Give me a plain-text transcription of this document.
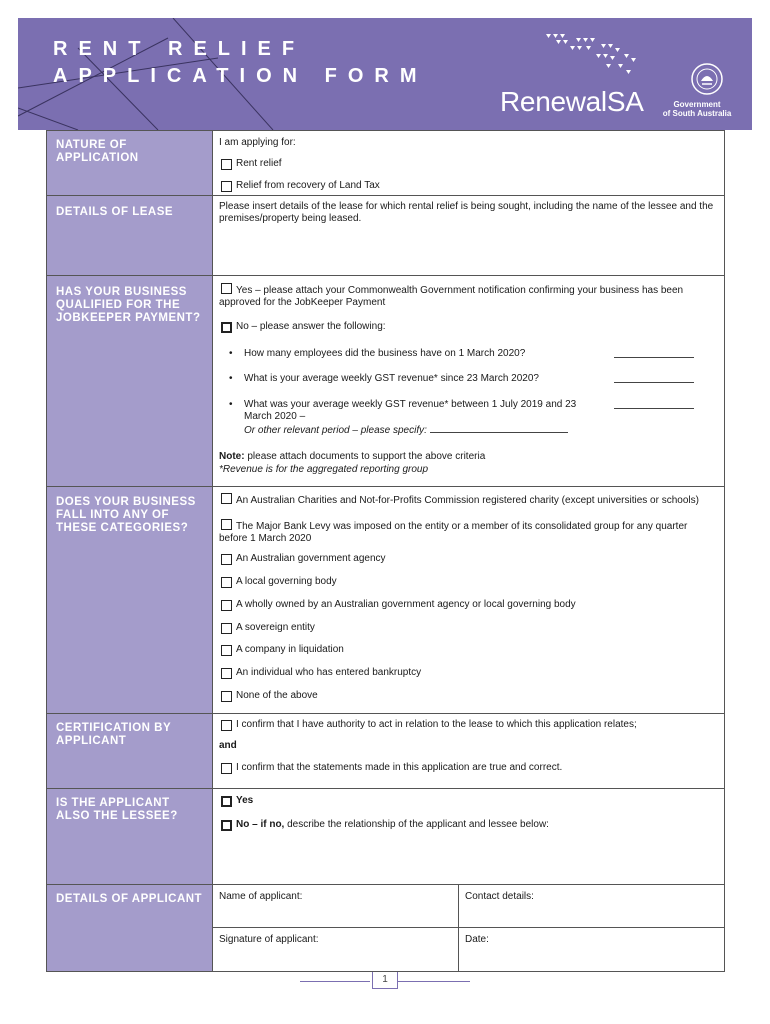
RENT RELIEF
APPLICATION FORM
RenewalSA	Government
of South Australia
NATURE OF APPLICATION
I am applying for:
Rent relief
Relief from recovery of Land Tax
DETAILS OF LEASE	Please insert details of the lease for which rental relief is being sought, including the name of the lessee and the premises/property being leased.
HAS YOUR BUSINESS QUALIFIED FOR THE JOBKEEPER PAYMENT?
Yes – please attach your Commonwealth Government notification confirming your business has been approved for the JobKeeper Payment
No – please answer the following:
•	How many employees did the business have on 1 March 2020?
•	What is your average weekly GST revenue* since 23 March 2020?
•	What was your average weekly GST revenue* between 1 July 2019 and 23 March 2020 –
Or other relevant period – please specify:
Note: please attach documents to support the above criteria
*Revenue is for the aggregated reporting group
DOES YOUR BUSINESS FALL INTO ANY OF THESE CATEGORIES?
An Australian Charities and Not-for-Profits Commission registered charity (except universities or schools)
The Major Bank Levy was imposed on the entity or a member of its consolidated group for any quarter before 1 March 2020
An Australian government agency
A local governing body
A wholly owned by an Australian government agency or local governing body
A sovereign entity
A company in liquidation
An individual who has entered bankruptcy
None of the above
CERTIFICATION BY APPLICANT
I confirm that I have authority to act in relation to the lease to which this application relates;
and
I confirm that the statements made in this application are true and correct.
IS THE APPLICANT ALSO THE LESSEE?
Yes
No – if no, describe the relationship of the applicant and lessee below:
DETAILS OF APPLICANT	Name of applicant:	Contact details:
Signature of applicant:	Date:
1
